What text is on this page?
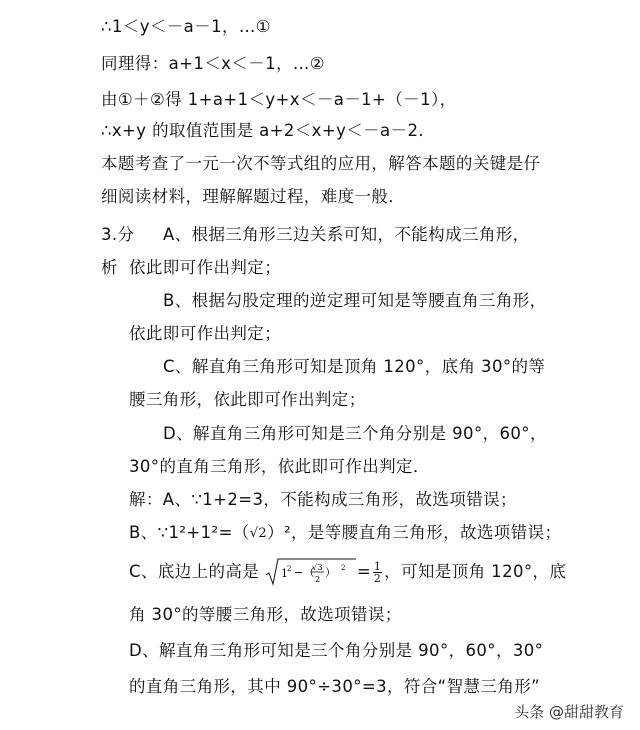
∴1＜y＜－a－1，…①
同理得：a+1＜x＜－1，…②
由①＋②得 1+a+1＜y+x＜－a－1+（－1），
∴x+y 的取值范围是 a+2＜x+y＜－a－2．
本题考查了一元一次不等式组的应用，解答本题的关键是仔
细阅读材料，理解解题过程，难度一般．
3.分
析
A、根据三角形三边关系可知，不能构成三角形，
依此即可作出判定；
B、根据勾股定理的逆定理可知是等腰直角三角形，
依此即可作出判定；
C、解直角三角形可知是顶角 120°，底角 30°的等
腰三角形，依此即可作出判定；
D、解直角三角形可知是三个角分别是 90°，60°，
30°的直角三角形，依此即可作出判定．
解：A、∵1+2=3，不能构成三角形，故选项错误；
B、∵1²+1²=（√2）²，是等腰直角三角形，故选项错误；
C、底边上的高是 1
2 −（
√3
2
） $2 = \frac{1}{2}$ ，可知是顶角 120°，底
角 30°的等腰三角形，故选项错误；
D、解直角三角形可知是三个角分别是 90°，60°，30°
的直角三角形，其中 90°÷30°=3，符合“智慧三角形”
头条 @甜甜教育
